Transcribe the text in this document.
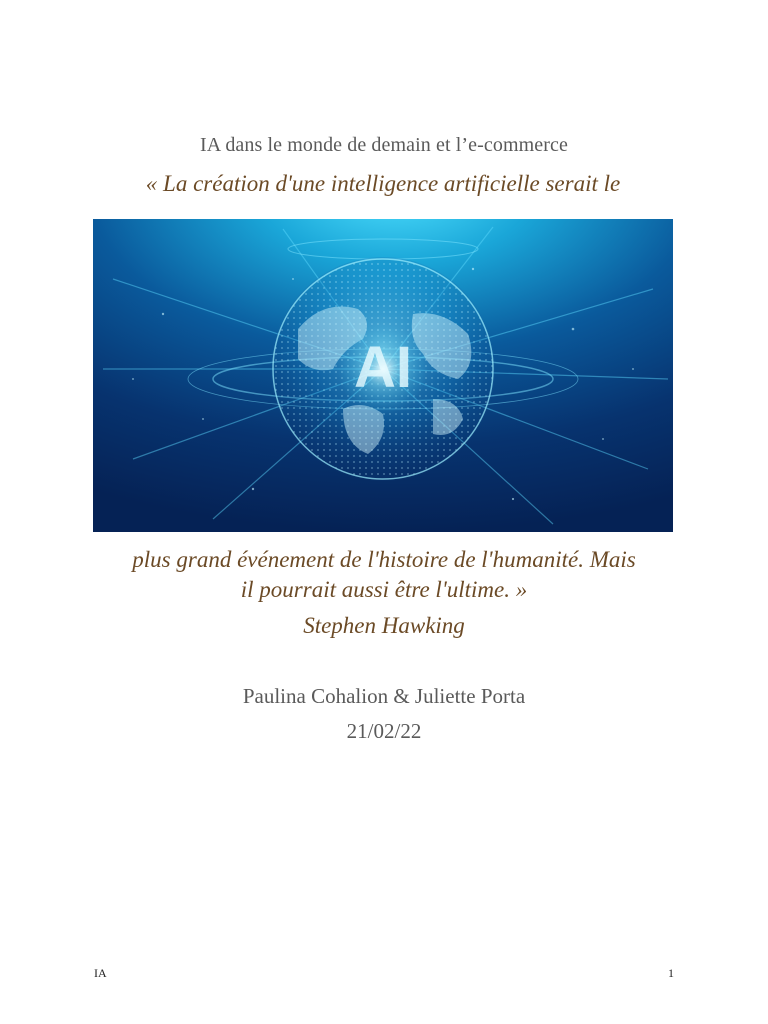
IA dans le monde de demain et l’e-commerce
« La création d'une intelligence artificielle serait le
AI
plus grand événement de l'histoire de l'humanité. Mais
il pourrait aussi être l'ultime. »
Stephen Hawking
Paulina Cohalion & Juliette Porta
21/02/22
IA	1
